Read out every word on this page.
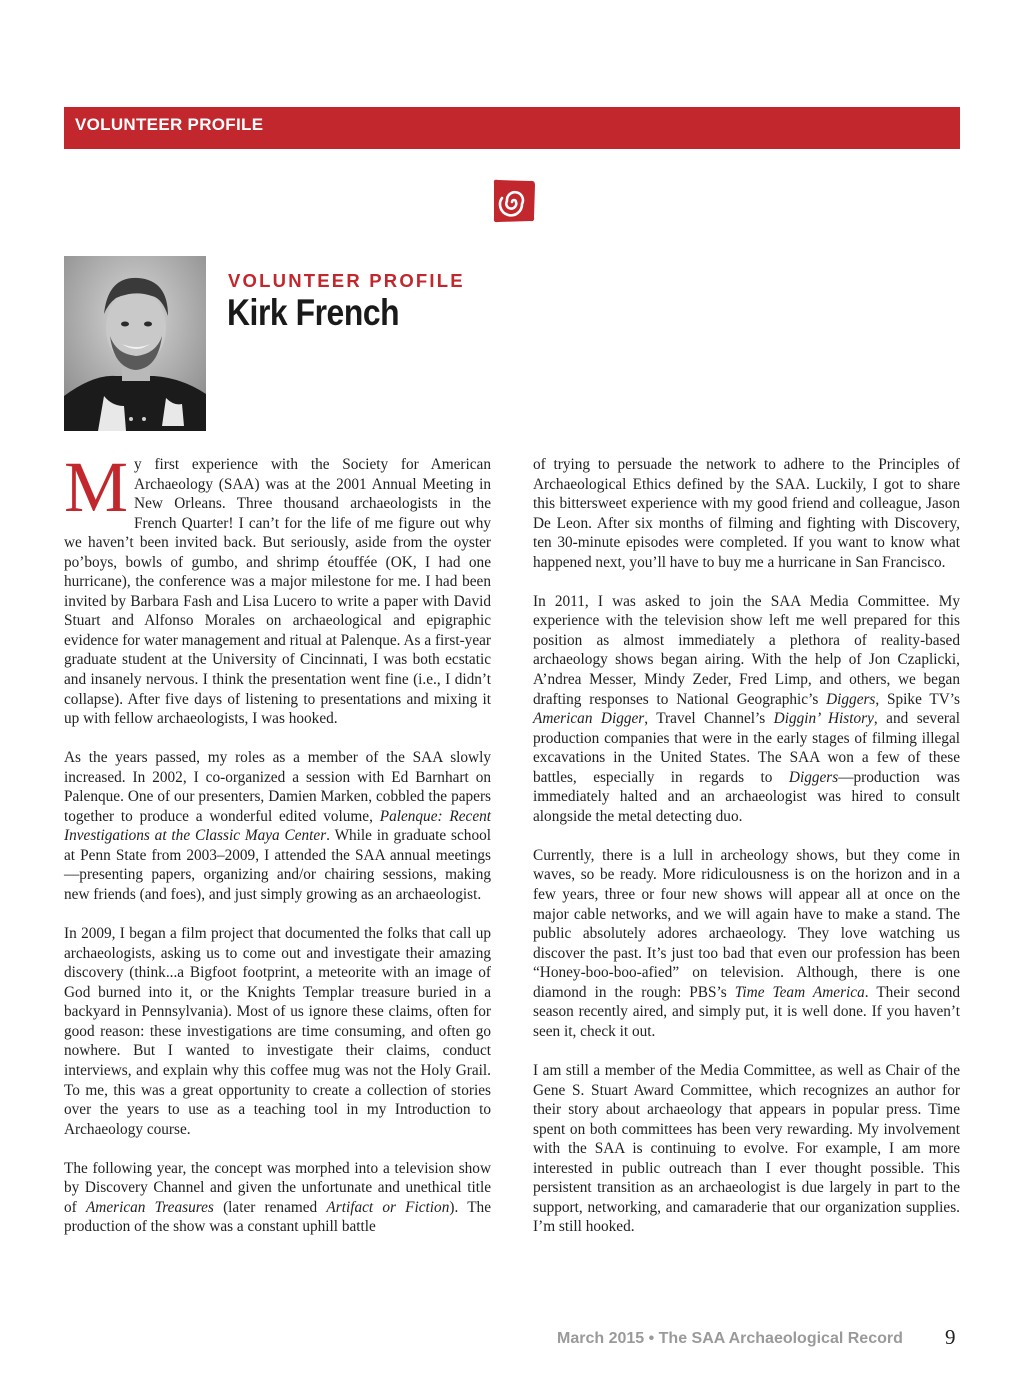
VOLUNTEER PROFILE
VOLUNTEER PROFILE
Kirk French

My first experience with the Society for American Archaeology (SAA) was at the 2001 Annual Meeting in New Orleans. Three thousand archaeologists in the French Quarter! I can’t for the life of me figure out why we haven’t been invited back. But seriously, aside from the oyster po’boys, bowls of gumbo, and shrimp étouffée (OK, I had one hurricane), the conference was a major milestone for me. I had been invited by Barbara Fash and Lisa Lucero to write a paper with David Stuart and Alfonso Morales on archaeological and epigraphic evidence for water management and ritual at Palenque. As a first-year graduate student at the University of Cincinnati, I was both ecstatic and insanely nervous. I think the presentation went fine (i.e., I didn’t collapse). After five days of listening to presentations and mixing it up with fellow archaeologists, I was hooked.

As the years passed, my roles as a member of the SAA slowly increased. In 2002, I co-organized a session with Ed Barnhart on Palenque. One of our presenters, Damien Marken, cobbled the papers together to produce a wonderful edited volume, Palenque: Recent Investigations at the Classic Maya Center. While in graduate school at Penn State from 2003–2009, I attended the SAA annual meetings—presenting papers, organizing and/or chairing sessions, making new friends (and foes), and just simply growing as an archaeologist.

In 2009, I began a film project that documented the folks that call up archaeologists, asking us to come out and investigate their amazing discovery (think...a Bigfoot footprint, a meteorite with an image of God burned into it, or the Knights Templar treasure buried in a backyard in Pennsylvania). Most of us ignore these claims, often for good reason: these investigations are time consuming, and often go nowhere. But I wanted to investigate their claims, conduct interviews, and explain why this coffee mug was not the Holy Grail. To me, this was a great opportunity to create a collection of stories over the years to use as a teaching tool in my Introduction to Archaeology course.

The following year, the concept was morphed into a television show by Discovery Channel and given the unfortunate and unethical title of American Treasures (later renamed Artifact or Fiction). The production of the show was a constant uphill battle

of trying to persuade the network to adhere to the Principles of Archaeological Ethics defined by the SAA. Luckily, I got to share this bittersweet experience with my good friend and colleague, Jason De Leon. After six months of filming and fighting with Discovery, ten 30-minute episodes were completed. If you want to know what happened next, you’ll have to buy me a hurricane in San Francisco.

In 2011, I was asked to join the SAA Media Committee. My experience with the television show left me well prepared for this position as almost immediately a plethora of reality-based archaeology shows began airing. With the help of Jon Czaplicki, A’ndrea Messer, Mindy Zeder, Fred Limp, and others, we began drafting responses to National Geographic’s Diggers, Spike TV’s American Digger, Travel Channel’s Diggin’ History, and several production companies that were in the early stages of filming illegal excavations in the United States. The SAA won a few of these battles, especially in regards to Diggers—production was immediately halted and an archaeologist was hired to consult alongside the metal detecting duo.

Currently, there is a lull in archeology shows, but they come in waves, so be ready. More ridiculousness is on the horizon and in a few years, three or four new shows will appear all at once on the major cable networks, and we will again have to make a stand. The public absolutely adores archaeology. They love watching us discover the past. It’s just too bad that even our profession has been “Honey-boo-boo-afied” on television. Although, there is one diamond in the rough: PBS’s Time Team America. Their second season recently aired, and simply put, it is well done. If you haven’t seen it, check it out.

I am still a member of the Media Committee, as well as Chair of the Gene S. Stuart Award Committee, which recognizes an author for their story about archaeology that appears in popular press. Time spent on both committees has been very rewarding. My involvement with the SAA is continuing to evolve. For example, I am more interested in public outreach than I ever thought possible. This persistent transition as an archaeologist is due largely in part to the support, networking, and camaraderie that our organization supplies. I’m still hooked.

March 2015 • The SAA Archaeological Record 9
